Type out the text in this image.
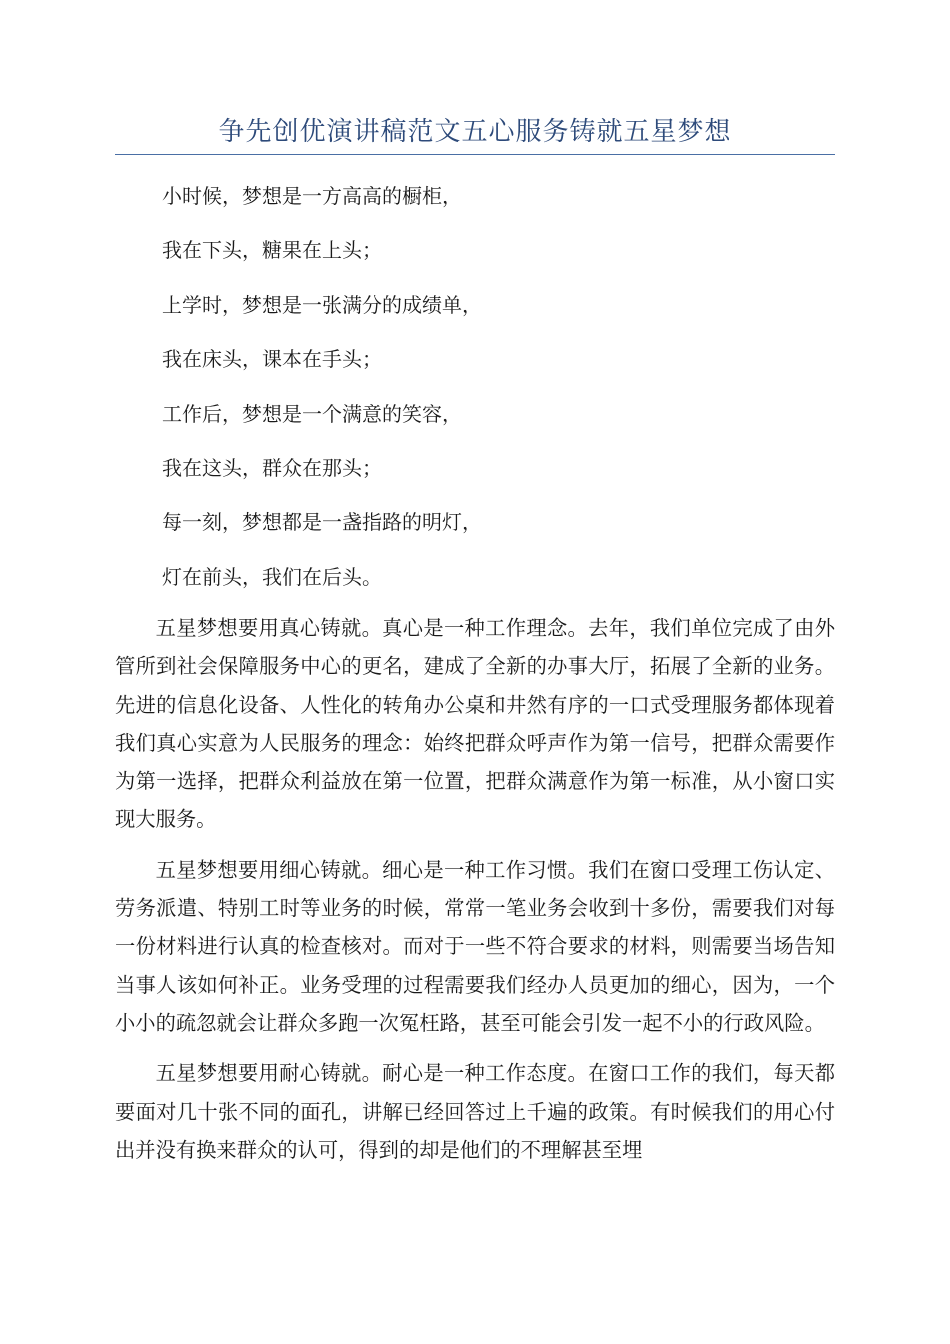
争先创优演讲稿范文五心服务铸就五星梦想
小时候，梦想是一方高高的橱柜，
我在下头，糖果在上头；
上学时，梦想是一张满分的成绩单，
我在床头，课本在手头；
工作后，梦想是一个满意的笑容，
我在这头，群众在那头；
每一刻，梦想都是一盏指路的明灯，
灯在前头，我们在后头。

五星梦想要用真心铸就。真心是一种工作理念。去年，我们单位完成了由外管所到社会保障服务中心的更名，建成了全新的办事大厅，拓展了全新的业务。先进的信息化设备、人性化的转角办公桌和井然有序的一口式受理服务都体现着我们真心实意为人民服务的理念：始终把群众呼声作为第一信号，把群众需要作为第一选择，把群众利益放在第一位置，把群众满意作为第一标准，从小窗口实现大服务。

五星梦想要用细心铸就。细心是一种工作习惯。我们在窗口受理工伤认定、劳务派遣、特别工时等业务的时候，常常一笔业务会收到十多份，需要我们对每一份材料进行认真的检查核对。而对于一些不符合要求的材料，则需要当场告知当事人该如何补正。业务受理的过程需要我们经办人员更加的细心，因为，一个小小的疏忽就会让群众多跑一次冤枉路，甚至可能会引发一起不小的行政风险。

五星梦想要用耐心铸就。耐心是一种工作态度。在窗口工作的我们，每天都要面对几十张不同的面孔，讲解已经回答过上千遍的政策。有时候我们的用心付出并没有换来群众的认可，得到的却是他们的不理解甚至埋
